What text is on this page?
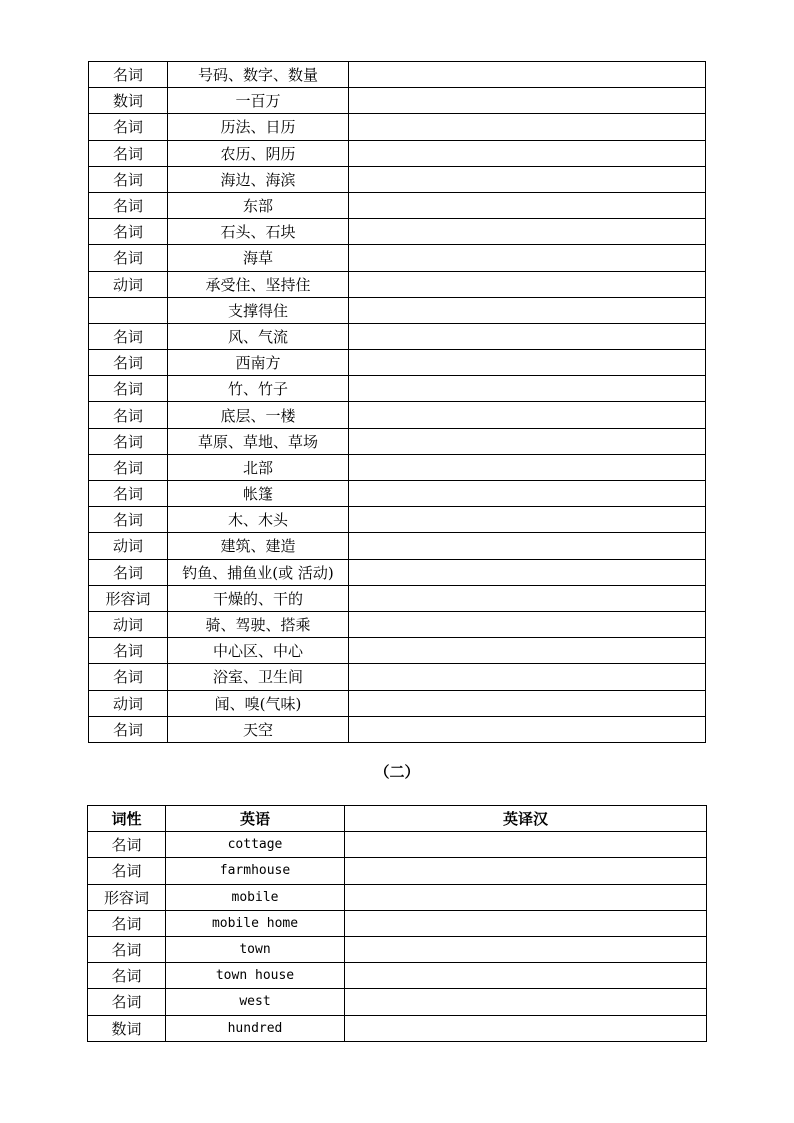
名词	号码、数字、数量	
数词	一百万	
名词	历法、日历	
名词	农历、阴历	
名词	海边、海滨	
名词	东部	
名词	石头、石块	
名词	海草	
动词	承受住、坚持住	
	支撑得住	
名词	风、气流	
名词	西南方	
名词	竹、竹子	
名词	底层、一楼	
名词	草原、草地、草场	
名词	北部	
名词	帐篷	
名词	木、木头	
动词	建筑、建造	
名词	钓鱼、捕鱼业(或 活动)	
形容词	干燥的、干的	
动词	骑、驾驶、搭乘	
名词	中心区、中心	
名词	浴室、卫生间	
动词	闻、嗅(气味)	
名词	天空	
（二）
词性	英语	英译汉
名词	cottage	
名词	farmhouse	
形容词	mobile	
名词	mobile home	
名词	town	
名词	town house	
名词	west	
数词	hundred	
